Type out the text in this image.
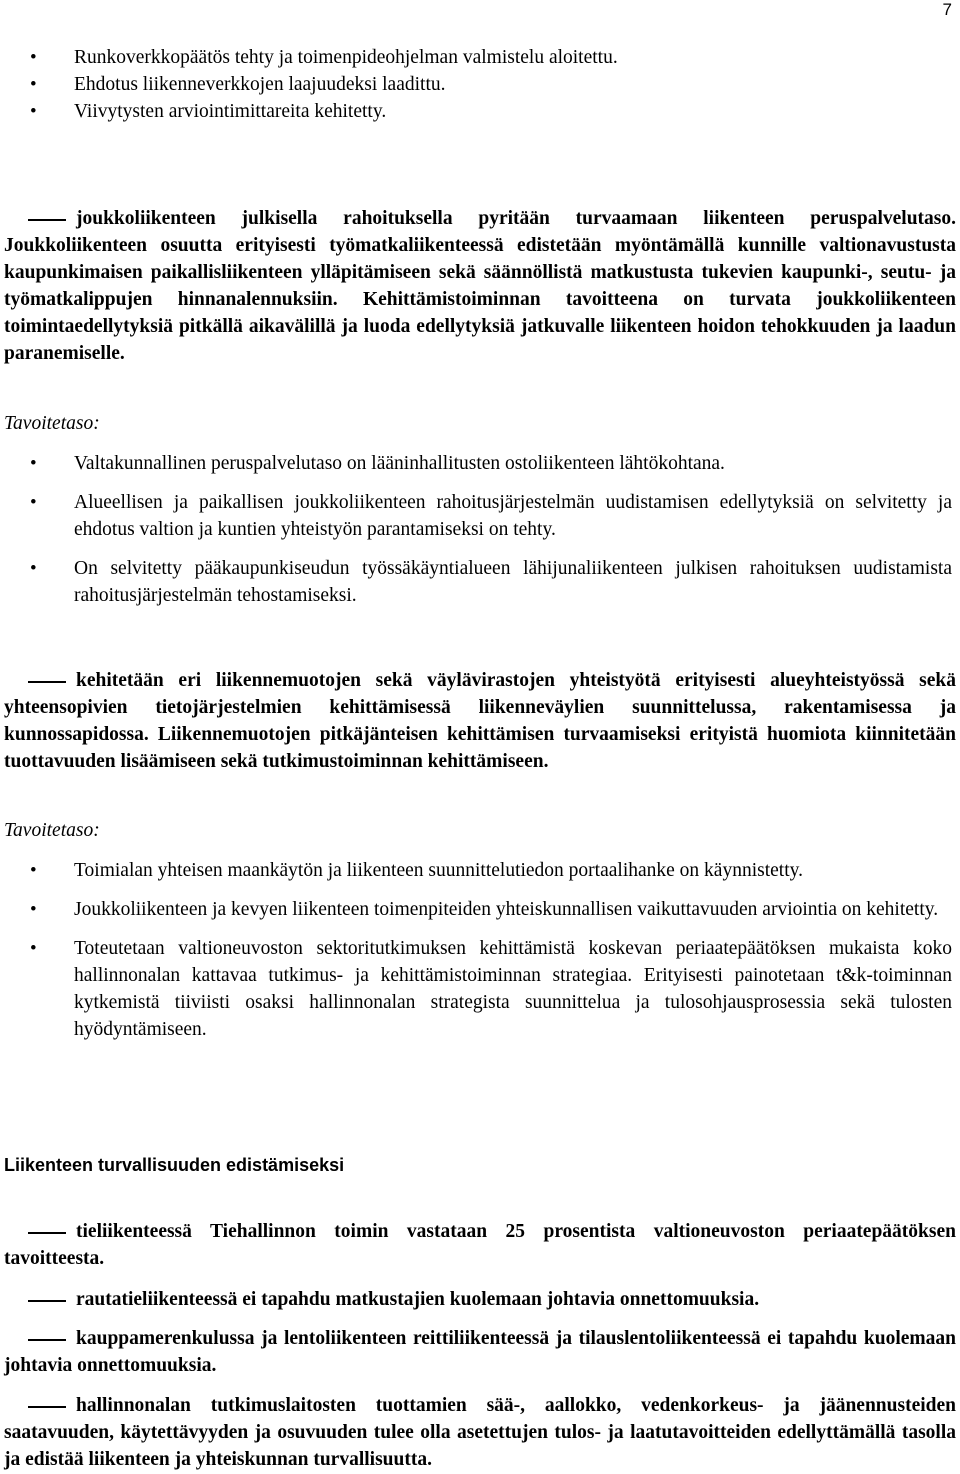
7
• Runkoverkkopäätös tehty ja toimenpideohjelman valmistelu aloitettu.
• Ehdotus liikenneverkkojen laajuudeksi laadittu.
• Viivytysten arviointimittareita kehitetty.

joukkoliikenteen julkisella rahoituksella pyritään turvaamaan liikenteen peruspalvelutaso. Joukkoliikenteen osuutta erityisesti työmatkaliikenteessä edistetään myöntämällä kunnille valtionavustusta kaupunkimaisen paikallisliikenteen ylläpitämiseen sekä säännöllistä matkustusta tukevien kaupunki-, seutu- ja työmatkalippujen hinnanalennuksiin. Kehittämistoiminnan tavoitteena on turvata joukkoliikenteen toimintaedellytyksiä pitkällä aikavälillä ja luoda edellytyksiä jatkuvalle liikenteen hoidon tehokkuuden ja laadun paranemiselle.

Tavoitetaso:

• Valtakunnallinen peruspalvelutaso on lääninhallitusten ostoliikenteen lähtökohtana.
• Alueellisen ja paikallisen joukkoliikenteen rahoitusjärjestelmän uudistamisen edellytyksiä on selvitetty ja ehdotus valtion ja kuntien yhteistyön parantamiseksi on tehty.
• On selvitetty pääkaupunkiseudun työssäkäyntialueen lähijunaliikenteen julkisen rahoituksen uudistamista rahoitusjärjestelmän tehostamiseksi.

kehitetään eri liikennemuotojen sekä väylävirastojen yhteistyötä erityisesti alueyhteistyössä sekä yhteensopivien tietojärjestelmien kehittämisessä liikenneväylien suunnittelussa, rakentamisessa ja kunnossapidossa. Liikennemuotojen pitkäjänteisen kehittämisen turvaamiseksi erityistä huomiota kiinnitetään tuottavuuden lisäämiseen sekä tutkimustoiminnan kehittämiseen.

Tavoitetaso:

• Toimialan yhteisen maankäytön ja liikenteen suunnittelutiedon portaalihanke on käynnistetty.
• Joukkoliikenteen ja kevyen liikenteen toimenpiteiden yhteiskunnallisen vaikuttavuuden arviointia on kehitetty.
• Toteutetaan valtioneuvoston sektoritutkimuksen kehittämistä koskevan periaatepäätöksen mukaista koko hallinnonalan kattavaa tutkimus- ja kehittämistoiminnan strategiaa. Erityisesti painotetaan t&k-toiminnan kytkemistä tiiviisti osaksi hallinnonalan strategista suunnittelua ja tulosohjausprosessia sekä tulosten hyödyntämiseen.
Liikenteen turvallisuuden edistämiseksi

tieliikenteessä Tiehallinnon toimin vastataan 25 prosentista valtioneuvoston periaatepäätöksen tavoitteesta.

rautatieliikenteessä ei tapahdu matkustajien kuolemaan johtavia onnettomuuksia.

kauppamerenkulussa ja lentoliikenteen reittiliikenteessä ja tilauslentoliikenteessä ei tapahdu kuolemaan johtavia onnettomuuksia.

hallinnonalan tutkimuslaitosten tuottamien sää-, aallokko, vedenkorkeus- ja jäänennusteiden saatavuuden, käytettävyyden ja osuvuuden tulee olla asetettujen tulos- ja laatutavoitteiden edellyttämällä tasolla ja edistää liikenteen ja yhteiskunnan turvallisuutta.
